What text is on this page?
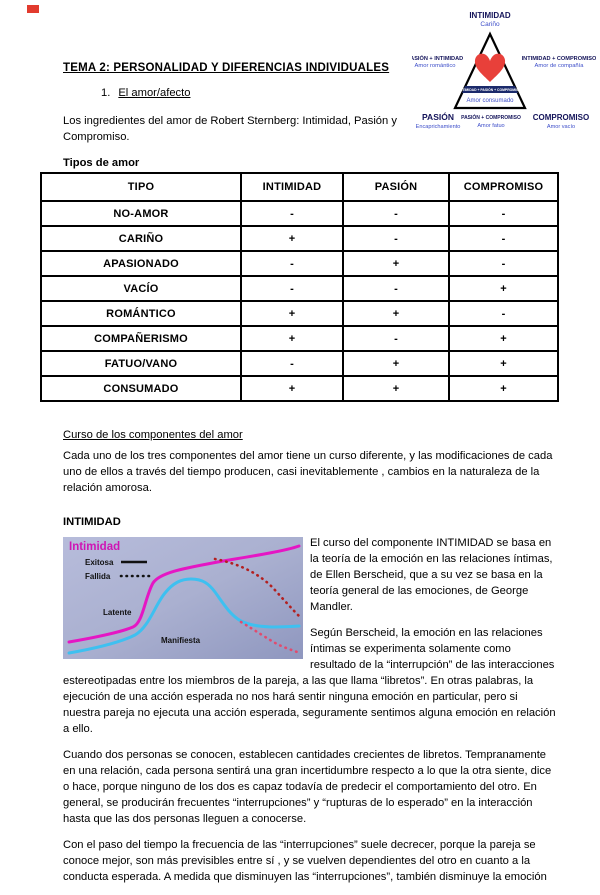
INTIMIDAD
Cariño
PASIÓN + INTIMIDAD
Amor romántico
INTIMIDAD + COMPROMISO
Amor de compañía
INTIMIDAD + PASIÓN + COMPROMISO
Amor consumado
PASIÓN
Encaprichamiento
PASIÓN + COMPROMISO
Amor fatuo
COMPROMISO
Amor vacío
TEMA 2: PERSONALIDAD Y DIFERENCIAS INDIVIDUALES
1. El amor/afecto

Los ingredientes del amor de Robert Sternberg: Intimidad, Pasión y Compromiso.

Tipos de amor
TIPO	INTIMIDAD	PASIÓN	COMPROMISO
NO-AMOR	-	-	-
CARIÑO	+	-	-
APASIONADO	-	+	-
VACÍO	-	-	+
ROMÁNTICO	+	+	-
COMPAÑERISMO	+	-	+
FATUO/VANO	-	+	+
CONSUMADO	+	+	+
Curso de los componentes del amor

Cada uno de los tres componentes del amor tiene un curso diferente, y las modificaciones de cada uno de ellos a través del tiempo producen, casi inevitablemente , cambios en la naturaleza de la relación amorosa.

INTIMIDAD
Intimidad
Exitosa
Fallida
Latente
Manifiesta

El curso del componente INTIMIDAD se basa en la teoría de la emoción en las relaciones íntimas, de Ellen Berscheid, que a su vez se basa en la teoría general de las emociones, de George Mandler.

Según Berscheid, la emoción en las relaciones íntimas se experimenta solamente como resultado de la “interrupción” de las interacciones estereotipadas entre los miembros de la pareja, a las que llama “libretos”. En otras palabras, la ejecución de una acción esperada no nos hará sentir ninguna emoción en particular, pero si nuestra pareja no ejecuta una acción esperada, seguramente sentimos alguna emoción en relación a ello.

Cuando dos personas se conocen, establecen cantidades crecientes de libretos. Tempranamente en una relación, cada persona sentirá una gran incertidumbre respecto a lo que la otra siente, dice o hace, porque ninguno de los dos es capaz todavía de predecir el comportamiento del otro. En general, se producirán frecuentes “interrupciones” y “rupturas de lo esperado” en la interacción hasta que las dos personas lleguen a conocerse.

Con el paso del tiempo la frecuencia de las “interrupciones” suele decrecer, porque la pareja se conoce mejor, son más previsibles entre sí , y se vuelven dependientes del otro en cuanto a la conducta esperada. A medida que disminuyen las “interrupciones”, también disminuye la emoción
